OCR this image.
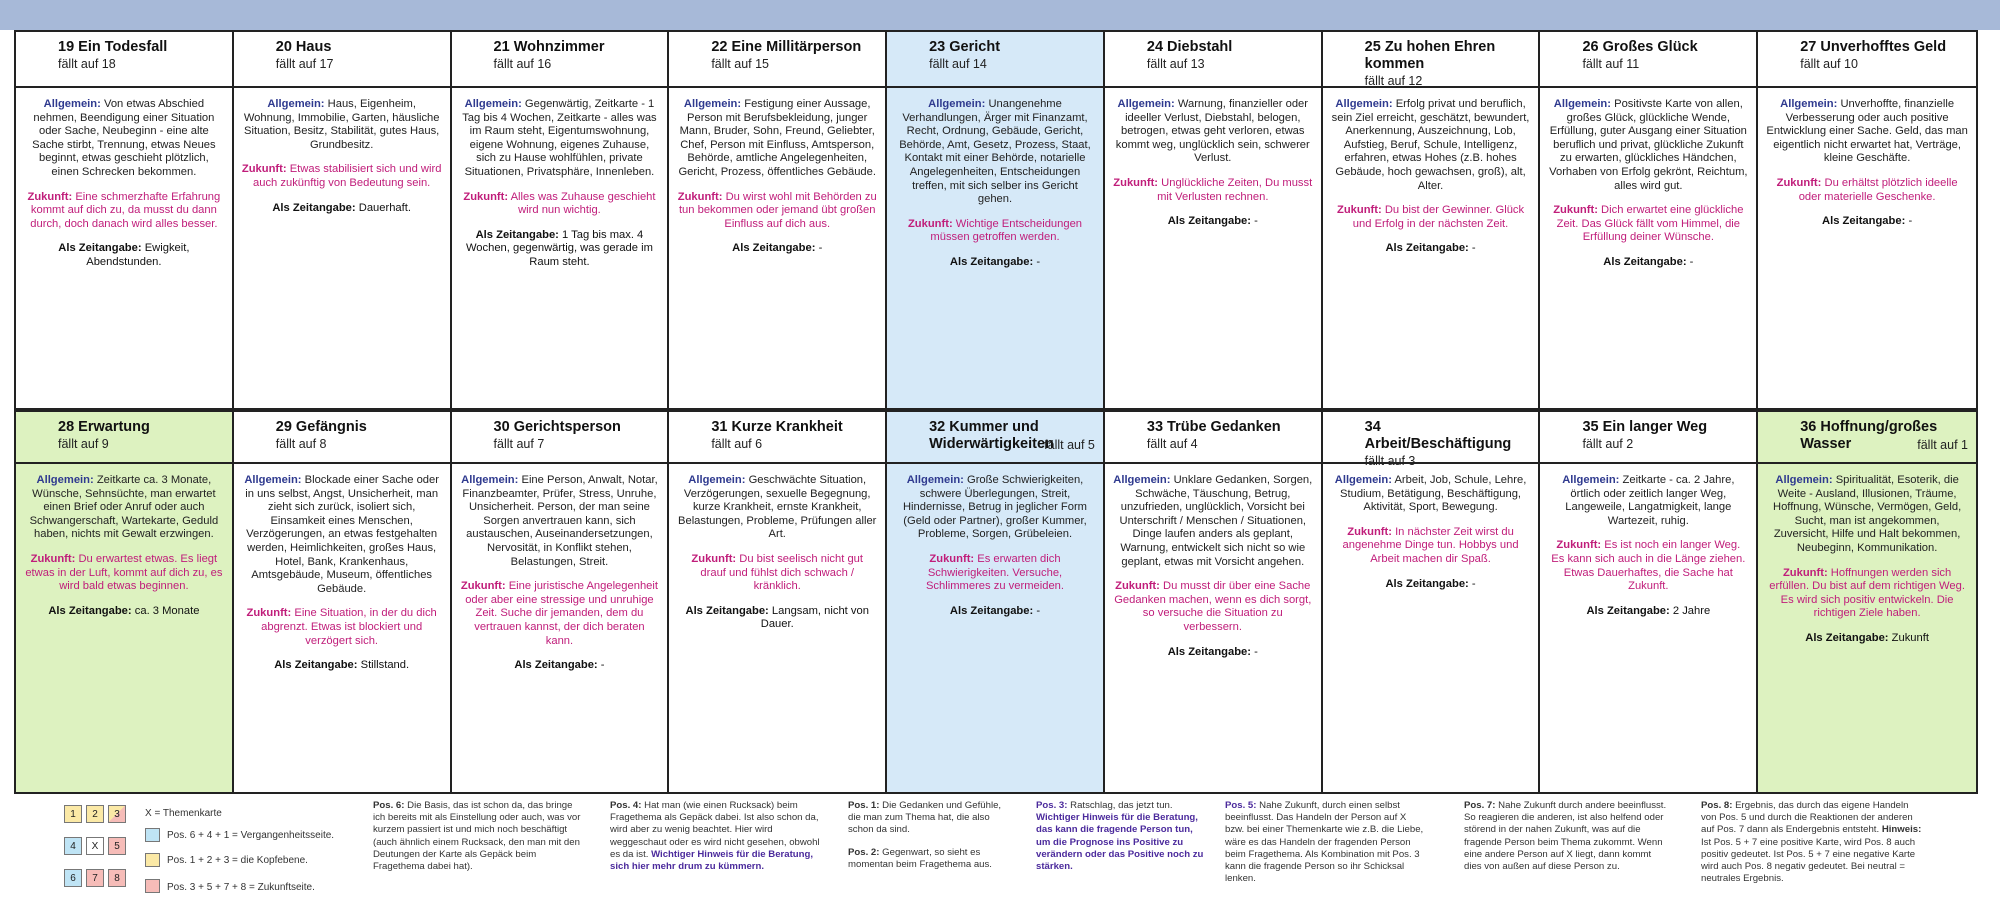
19 Ein Todesfall
fällt auf 18
Allgemein: Von etwas Abschied nehmen, Beendigung einer Situation oder Sache, Neubeginn - eine alte Sache stirbt, Trennung, etwas Neues beginnt, etwas geschieht plötzlich, einen Schrecken bekommen.
Zukunft: Eine schmerzhafte Erfahrung kommt auf dich zu, da musst du dann durch, doch danach wird alles besser.
Als Zeitangabe: Ewigkeit, Abendstunden.
20 Haus
fällt auf 17
Allgemein: Haus, Eigenheim, Wohnung, Immobilie, Garten, häusliche Situation, Besitz, Stabilität, gutes Haus, Grundbesitz.
Zukunft: Etwas stabilisiert sich und wird auch zukünftig von Bedeutung sein.
Als Zeitangabe: Dauerhaft.
21 Wohnzimmer
fällt auf 16
Allgemein: Gegenwärtig, Zeitkarte - 1 Tag bis 4 Wochen, Zeitkarte - alles was im Raum steht, Eigentumswohnung, eigene Wohnung, eigenes Zuhause, sich zu Hause wohlfühlen, private Situationen, Privatsphäre, Innenleben.
Zukunft: Alles was Zuhause geschieht wird nun wichtig.
Als Zeitangabe: 1 Tag bis max. 4 Wochen, gegenwärtig, was gerade im Raum steht.
22 Eine Millitärperson
fällt auf 15
Allgemein: Festigung einer Aussage, Person mit Berufsbekleidung, junger Mann, Bruder, Sohn, Freund, Geliebter, Chef, Person mit Einfluss, Amtsperson, Behörde, amtliche Angelegenheiten, Gericht, Prozess, öffentliches Gebäude.
Zukunft: Du wirst wohl mit Behörden zu tun bekommen oder jemand übt großen Einfluss auf dich aus.
Als Zeitangabe: -
23 Gericht
fällt auf 14
Allgemein: Unangenehme Verhandlungen, Ärger mit Finanzamt, Recht, Ordnung, Gebäude, Gericht, Behörde, Amt, Gesetz, Prozess, Staat, Kontakt mit einer Behörde, notarielle Angelegenheiten, Entscheidungen treffen, mit sich selber ins Gericht gehen.
Zukunft: Wichtige Entscheidungen müssen getroffen werden.
Als Zeitangabe: -
24 Diebstahl
fällt auf 13
Allgemein: Warnung, finanzieller oder ideeller Verlust, Diebstahl, belogen, betrogen, etwas geht verloren, etwas kommt weg, unglücklich sein, schwerer Verlust.
Zukunft: Unglückliche Zeiten, Du musst mit Verlusten rechnen.
Als Zeitangabe: -
25 Zu hohen Ehren kommen
fällt auf 12
Allgemein: Erfolg privat und beruflich, sein Ziel erreicht, geschätzt, bewundert, Anerkennung, Auszeichnung, Lob, Aufstieg, Beruf, Schule, Intelligenz, erfahren, etwas Hohes (z.B. hohes Gebäude, hoch gewachsen, groß), alt, Alter.
Zukunft: Du bist der Gewinner. Glück und Erfolg in der nächsten Zeit.
Als Zeitangabe: -
26 Großes Glück
fällt auf 11
Allgemein: Positivste Karte von allen, großes Glück, glückliche Wende, Erfüllung, guter Ausgang einer Situation beruflich und privat, glückliche Zukunft zu erwarten, glückliches Händchen, Vorhaben von Erfolg gekrönt, Reichtum, alles wird gut.
Zukunft: Dich erwartet eine glückliche Zeit. Das Glück fällt vom Himmel, die Erfüllung deiner Wünsche.
Als Zeitangabe: -
27 Unverhofftes Geld
fällt auf 10
Allgemein: Unverhoffte, finanzielle Verbesserung oder auch positive Entwicklung einer Sache. Geld, das man eigentlich nicht erwartet hat, Verträge, kleine Geschäfte.
Zukunft: Du erhältst plötzlich ideelle oder materielle Geschenke.
Als Zeitangabe: -
28 Erwartung
fällt auf 9
Allgemein: Zeitkarte ca. 3 Monate, Wünsche, Sehnsüchte, man erwartet einen Brief oder Anruf oder auch Schwangerschaft, Wartekarte, Geduld haben, nichts mit Gewalt erzwingen.
Zukunft: Du erwartest etwas. Es liegt etwas in der Luft, kommt auf dich zu, es wird bald etwas beginnen.
Als Zeitangabe: ca. 3 Monate
29 Gefängnis
fällt auf 8
Allgemein: Blockade einer Sache oder in uns selbst, Angst, Unsicherheit, man zieht sich zurück, isoliert sich, Einsamkeit eines Menschen, Verzögerungen, an etwas festgehalten werden, Heimlichkeiten, großes Haus, Hotel, Bank, Krankenhaus, Amtsgebäude, Museum, öffentliches Gebäude.
Zukunft: Eine Situation, in der du dich abgrenzt. Etwas ist blockiert und verzögert sich.
Als Zeitangabe: Stillstand.
30 Gerichtsperson
fällt auf 7
Allgemein: Eine Person, Anwalt, Notar, Finanzbeamter, Prüfer, Stress, Unruhe, Unsicherheit. Person, der man seine Sorgen anvertrauen kann, sich austauschen, Auseinandersetzungen, Nervosität, in Konflikt stehen, Belastungen, Streit.
Zukunft: Eine juristische Angelegenheit oder aber eine stressige und unruhige Zeit. Suche dir jemanden, dem du vertrauen kannst, der dich beraten kann.
Als Zeitangabe: -
31 Kurze Krankheit
fällt auf 6
Allgemein: Geschwächte Situation, Verzögerungen, sexuelle Begegnung, kurze Krankheit, ernste Krankheit, Belastungen, Probleme, Prüfungen aller Art.
Zukunft: Du bist seelisch nicht gut drauf und fühlst dich schwach / kränklich.
Als Zeitangabe: Langsam, nicht von Dauer.
32 Kummer und Widerwärtigkeiten
fällt auf 5
Allgemein: Große Schwierigkeiten, schwere Überlegungen, Streit, Hindernisse, Betrug in jeglicher Form (Geld oder Partner), großer Kummer, Probleme, Sorgen, Grübeleien.
Zukunft: Es erwarten dich Schwierigkeiten. Versuche, Schlimmeres zu vermeiden.
Als Zeitangabe: -
33 Trübe Gedanken
fällt auf 4
Allgemein: Unklare Gedanken, Sorgen, Schwäche, Täuschung, Betrug, unzufrieden, unglücklich, Vorsicht bei Unterschrift / Menschen / Situationen, Dinge laufen anders als geplant, Warnung, entwickelt sich nicht so wie geplant, etwas mit Vorsicht angehen.
Zukunft: Du musst dir über eine Sache Gedanken machen, wenn es dich sorgt, so versuche die Situation zu verbessern.
Als Zeitangabe: -
34 Arbeit/Beschäftigung
fällt auf 3
Allgemein: Arbeit, Job, Schule, Lehre, Studium, Betätigung, Beschäftigung, Aktivität, Sport, Bewegung.
Zukunft: In nächster Zeit wirst du angenehme Dinge tun. Hobbys und Arbeit machen dir Spaß.
Als Zeitangabe: -
35 Ein langer Weg
fällt auf 2
Allgemein: Zeitkarte - ca. 2 Jahre, örtlich oder zeitlich langer Weg, Langeweile, Langatmigkeit, lange Wartezeit, ruhig.
Zukunft: Es ist noch ein langer Weg. Es kann sich auch in die Länge ziehen. Etwas Dauerhaftes, die Sache hat Zukunft.
Als Zeitangabe: 2 Jahre
36 Hoffnung/großes Wasser	fällt auf 1
Allgemein: Spiritualität, Esoterik, die Weite - Ausland, Illusionen, Träume, Hoffnung, Wünsche, Vermögen, Geld, Sucht, man ist angekommen, Zuversicht, Hilfe und Halt bekommen, Neubeginn, Kommunikation.
Zukunft: Hoffnungen werden sich erfüllen. Du bist auf dem richtigen Weg. Es wird sich positiv entwickeln. Die richtigen Ziele haben.
Als Zeitangabe: Zukunft
1	2	3
4	X	5
6	7	8
X = Themenkarte
Pos. 6 + 4 + 1 = Vergangenheitsseite.
Pos. 1 + 2 + 3 = die Kopfebene.
Pos. 3 + 5 + 7 + 8 = Zukunftseite.
Pos. 6: Die Basis, das ist schon da, das bringe ich bereits mit als Einstellung oder auch, was vor kurzem passiert ist und mich noch beschäftigt (auch ähnlich einem Rucksack, den man mit den Deutungen der Karte als Gepäck beim Fragethema dabei hat).
Pos. 4: Hat man (wie einen Rucksack) beim Fragethema als Gepäck dabei. Ist also schon da, wird aber zu wenig beachtet. Hier wird weggeschaut oder es wird nicht gesehen, obwohl es da ist. Wichtiger Hinweis für die Beratung, sich hier mehr drum zu kümmern.
Pos. 1: Die Gedanken und Gefühle, die man zum Thema hat, die also schon da sind.
Pos. 2: Gegenwart, so sieht es momentan beim Fragethema aus.
Pos. 3: Ratschlag, das jetzt tun. Wichtiger Hinweis für die Beratung, das kann die fragende Person tun, um die Prognose ins Positive zu verändern oder das Positive noch zu stärken.
Pos. 5: Nahe Zukunft, durch einen selbst beeinflusst. Das Handeln der Person auf X bzw. bei einer Themenkarte wie z.B. die Liebe, wäre es das Handeln der fragenden Person beim Fragethema. Als Kombination mit Pos. 3 kann die fragende Person so ihr Schicksal lenken.
Pos. 7: Nahe Zukunft durch andere beeinflusst. So reagieren die anderen, ist also helfend oder störend in der nahen Zukunft, was auf die fragende Person beim Thema zukommt. Wenn eine andere Person auf X liegt, dann kommt dies von außen auf diese Person zu.
Pos. 8: Ergebnis, das durch das eigene Handeln von Pos. 5 und durch die Reaktionen der anderen auf Pos. 7 dann als Endergebnis entsteht. Hinweis: Ist Pos. 5 + 7 eine positive Karte, wird Pos. 8 auch positiv gedeutet. Ist Pos. 5 + 7 eine negative Karte wird auch Pos. 8 negativ gedeutet. Bei neutral = neutrales Ergebnis.
